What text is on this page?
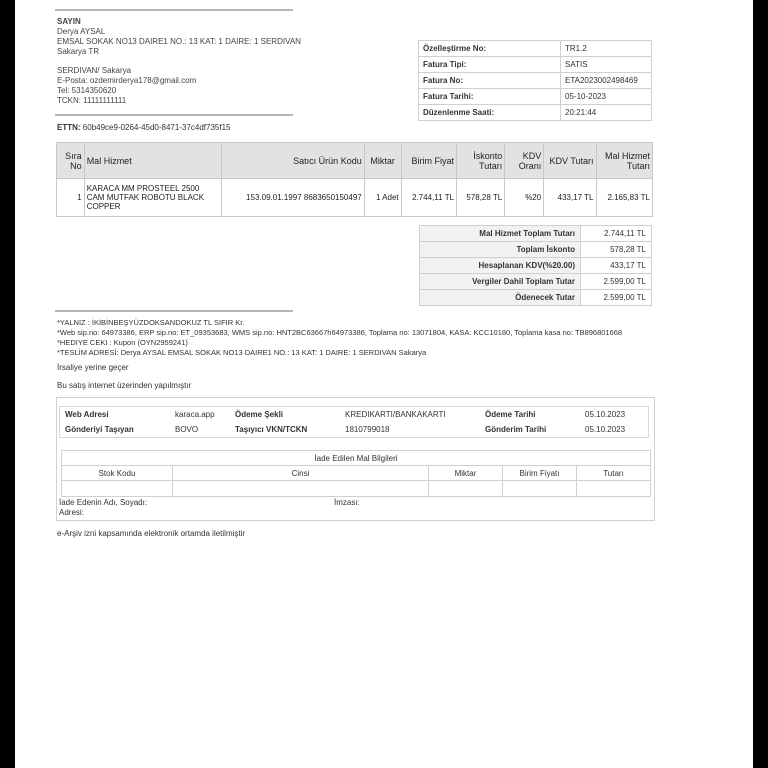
SAYIN
Derya AYSAL
EMSAL SOKAK NO13 DAIRE1 NO.: 13 KAT: 1 DAIRE: 1 SERDIVAN
Sakarya TR
SERDIVAN/ Sakarya
E-Posta: ozdemirderya178@gmail.com
Tel: 5314350620
TCKN: 11111111111
ETTN: 60b49ce9-0264-45d0-8471-37c4df735f15
Özelleştirme No:	TR1.2
Fatura Tipi:	SATIS
Fatura No:	ETA2023002498469
Fatura Tarihi:	05-10-2023
Düzenlenme Saati:	20:21:44
Sıra No	Mal Hizmet	Satıcı Ürün Kodu	Miktar	Birim Fiyat	İskonto Tutarı	KDV Oranı	KDV Tutarı	Mal Hizmet Tutarı
1	KARACA MM PROSTEEL 2500 CAM MUTFAK ROBOTU BLACK COPPER	153.09.01.1997 8683650150497	1 Adet	2.744,11 TL	578,28 TL	%20	433,17 TL	2.165,83 TL
Mal Hizmet Toplam Tutarı	2.744,11 TL
Toplam İskonto	578,28 TL
Hesaplanan KDV(%20.00)	433,17 TL
Vergiler Dahil Toplam Tutar	2.599,00 TL
Ödenecek Tutar	2.599,00 TL
*YALNIZ : İKİBİNBEŞYÜZDOKSANDOKUZ TL SIFIR Kr.
*Web sip.no: 64973386, ERP sip.no: ET_09353683, WMS sip.no: HNT2BC63667h64973386, Toplama no: 13071804, KASA: KCC10180, Toplama kasa no: TB896801668
*HEDIYE CEKI : Kupon (OYN2959241)
*TESLİM ADRESİ: Derya AYSAL EMSAL SOKAK NO13 DAIRE1 NO.: 13 KAT: 1 DAIRE: 1 SERDIVAN Sakarya
İrsaliye yerine geçer
Bu satış internet üzerinden yapılmıştır
Web Adresi	karaca.app	Ödeme Şekli	KREDIKARTI/BANKAKARTI	Ödeme Tarihi	05.10.2023
Gönderiyi Taşıyan	BOVO	Taşıyıcı VKN/TCKN	1810799018	Gönderim Tarihi	05.10.2023
İade Edilen Mal Bilgileri				
Stok Kodu	Cinsi	Miktar	Birim Fiyatı	Tutarı

İade Edenin Adı, Soyadı:
Adresi:
İmzası:
e-Arşiv izni kapsamında elektronik ortamda iletilmiştir
